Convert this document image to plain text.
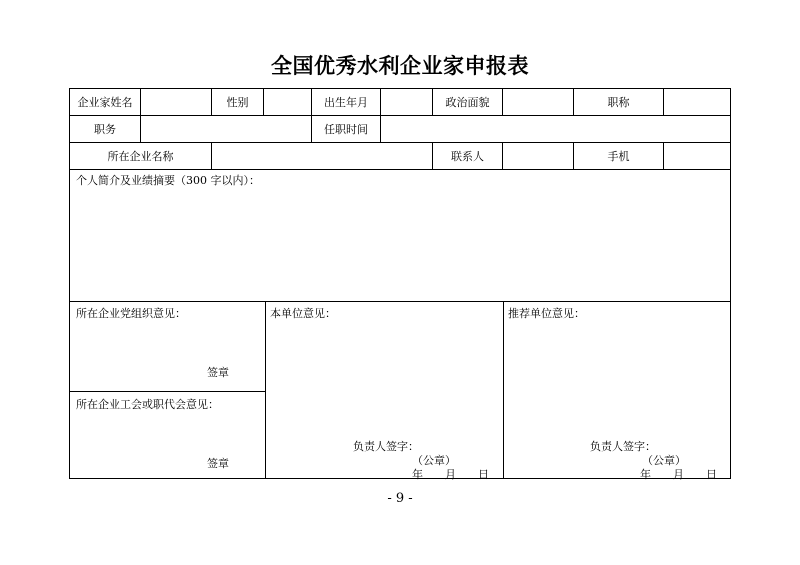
全国优秀水利企业家申报表
企业家姓名	性别	出生年月	政治面貌	职称
职务	任职时间
所在企业名称	联系人	手机
个人简介及业绩摘要（300 字以内）：
所在企业党组织意见：
签章
所在企业工会或职代会意见：
签章
本单位意见：
负责人签字：
（公章）
年　　月　　日
推荐单位意见：
负责人签字：
（公章）
年　　月　　日
- 9 -
